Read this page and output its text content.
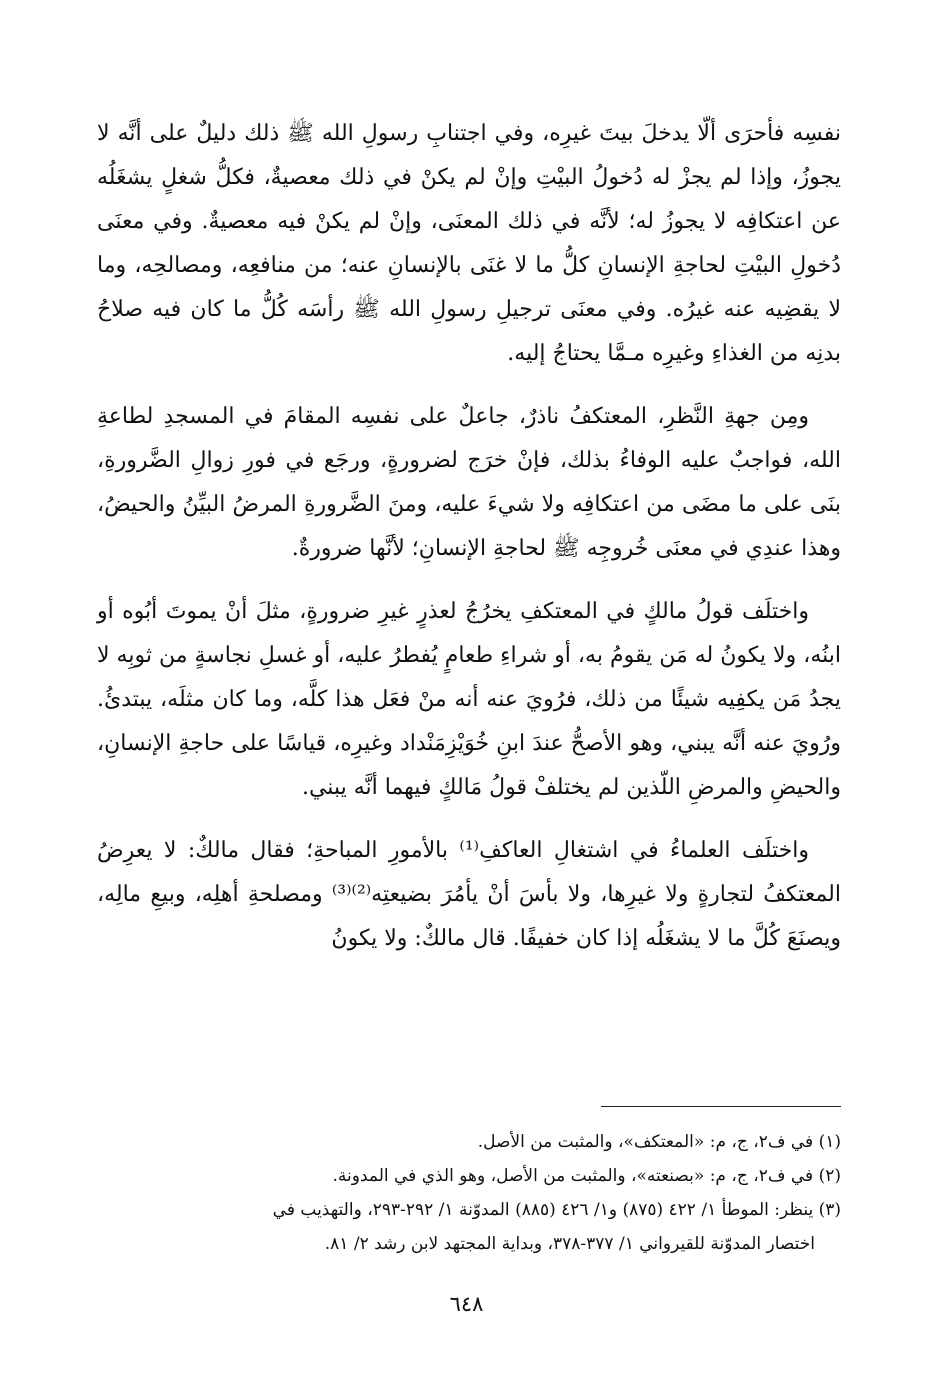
نفسِه فأحرَى ألّا يدخلَ بيتَ غيرِه، وفي اجتنابِ رسولِ الله ﷺ ذلك دليلٌ على أنَّه لا يجوزُ، وإذا لم يجزْ له دُخولُ البيْتِ وإنْ لم يكنْ في ذلك معصيةٌ، فكلُّ شغلٍ يشغَلُه عن اعتكافِه لا يجوزُ له؛ لأنَّه في ذلك المعنَى، وإنْ لم يكنْ فيه معصيةٌ. وفي معنَى دُخولِ البيْتِ لحاجةِ الإنسانِ كلُّ ما لا غنَى بالإنسانِ عنه؛ من منافعِه، ومصالحِه، وما لا يقضِيه عنه غيرُه. وفي معنَى ترجيلِ رسولِ الله ﷺ رأسَه كُلُّ ما كان فيه صلاحُ بدنِه من الغذاءِ وغيرِه مـمَّا يحتاجُ إليه.

ومِن جهةِ النَّظرِ، المعتكفُ ناذرٌ، جاعلٌ على نفسِه المقامَ في المسجدِ لطاعةِ الله، فواجبٌ عليه الوفاءُ بذلك، فإنْ خرَج لضرورةٍ، ورجَع في فورِ زوالِ الضَّرورةِ، بنَى على ما مضَى من اعتكافِه ولا شيءَ عليه، ومنَ الضَّرورةِ المرضُ البيِّنُ والحيضُ، وهذا عندِي في معنَى خُروجِه ﷺ لحاجةِ الإنسانِ؛ لأنَّها ضرورةٌ.

واختلَف قولُ مالكٍ في المعتكفِ يخرُجُ لعذرٍ غيرِ ضرورةٍ، مثلَ أنْ يموتَ أبُوه أو ابنُه، ولا يكونُ له مَن يقومُ به، أو شراءِ طعامٍ يُفطرُ عليه، أو غسلِ نجاسةٍ من ثوبِه لا يجدُ مَن يكفِيه شيئًا من ذلك، فرُويَ عنه أنه منْ فعَل هذا كلَّه، وما كان مثلَه، يبتدئُ. ورُويَ عنه أنَّه يبني، وهو الأصحُّ عندَ ابنِ خُوَيْزِمَنْداد وغيرِه، قياسًا على حاجةِ الإنسانِ، والحيضِ والمرضِ اللّذين لم يختلفْ قولُ مَالكٍ فيهما أنَّه يبني.

واختلَف العلماءُ في اشتغالِ العاكفِ⁽¹⁾ بالأمورِ المباحةِ؛ فقال مالكٌ: لا يعرِضُ المعتكفُ لتجارةٍ ولا غيرِها، ولا بأسَ أنْ يأمُرَ بضيعتِه⁽²⁾⁽³⁾ ومصلحةِ أهلِه، وبيعِ مالِه، ويصنَعَ كُلَّ ما لا يشغَلُه إذا كان خفيفًا. قال مالكٌ: ولا يكونُ

(١) في ف٢، ج، م: «المعتكف»، والمثبت من الأصل.

(٢) في ف٢، ج، م: «بصنعته»، والمثبت من الأصل، وهو الذي في المدونة.

(٣) ينظر: الموطأ ١/ ٤٢٢ (٨٧٥) و١/ ٤٢٦ (٨٨٥) المدوّنة ١/ ٢٩٢-٢٩٣، والتهذيب في

اختصار المدوّنة للقيرواني ١/ ٣٧٧-٣٧٨، وبداية المجتهد لابن رشد ٢/ ٨١.

٦٤٨
